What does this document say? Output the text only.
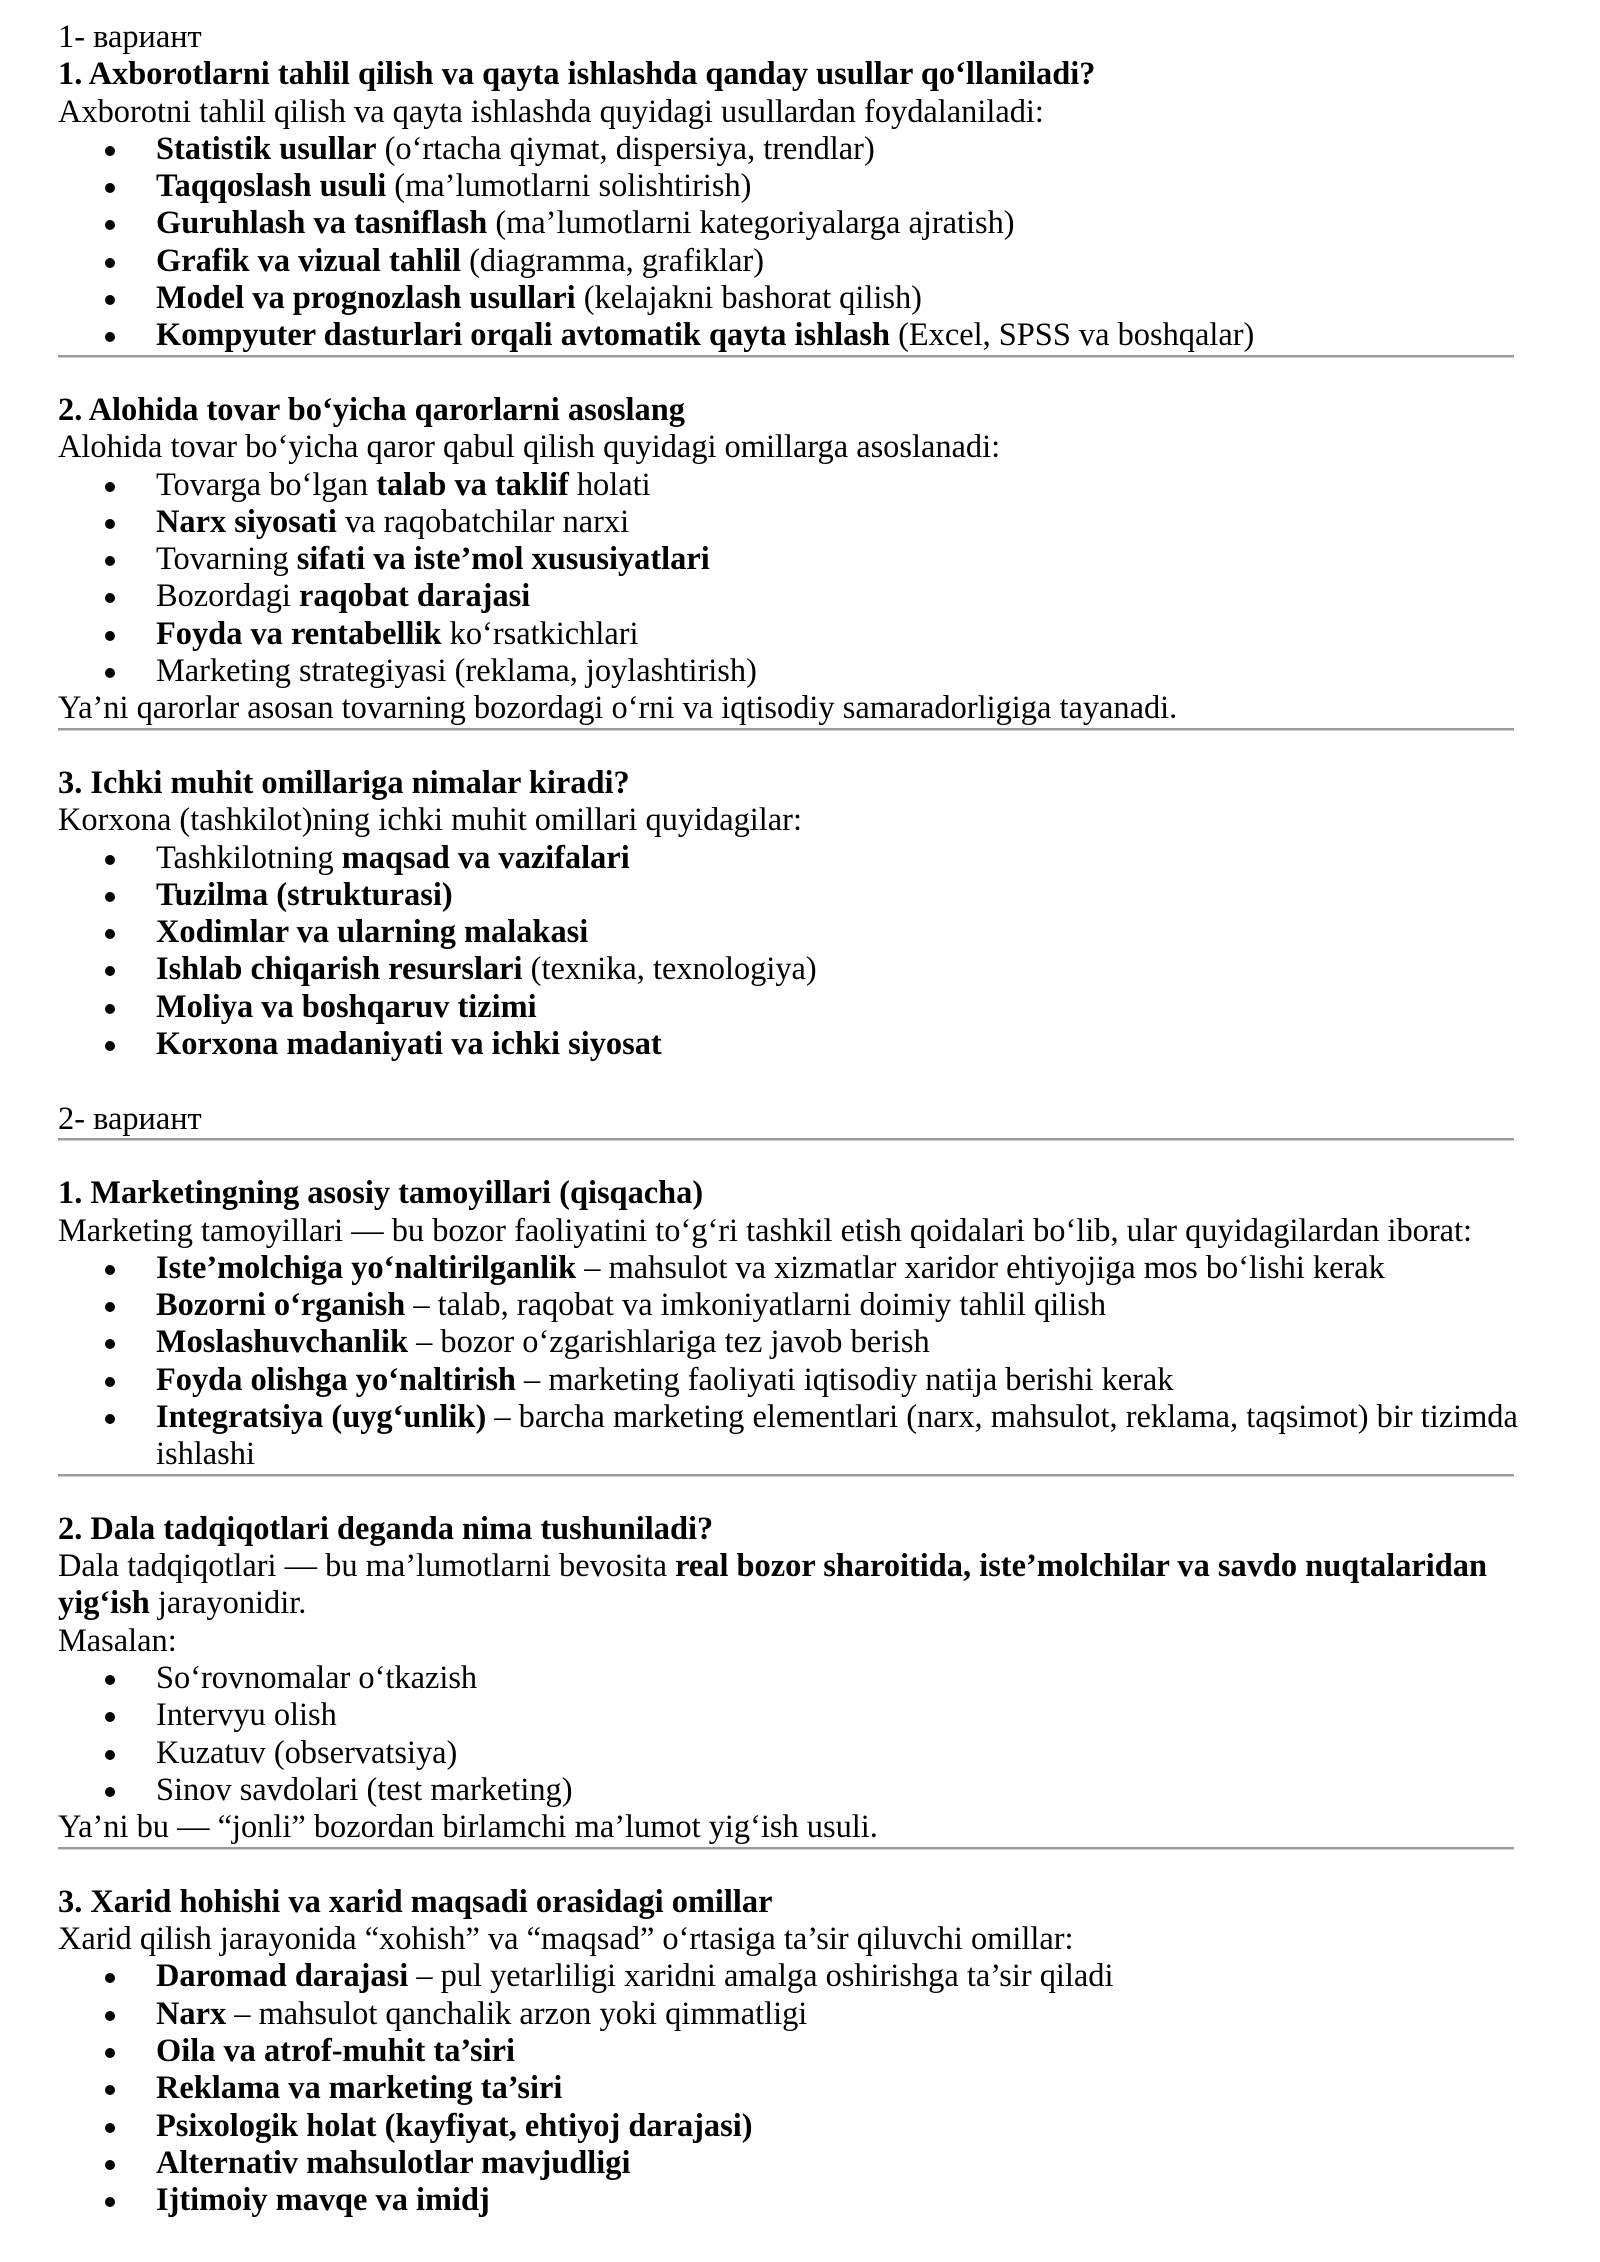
1- вариант
1. Axborotlarni tahlil qilish va qayta ishlashda qanday usullar qo‘llaniladi?
Axborotni tahlil qilish va qayta ishlashda quyidagi usullardan foydalaniladi:
Statistik usullar (o‘rtacha qiymat, dispersiya, trendlar)
Taqqoslash usuli (ma’lumotlarni solishtirish)
Guruhlash va tasniflash (ma’lumotlarni kategoriyalarga ajratish)
Grafik va vizual tahlil (diagramma, grafiklar)
Model va prognozlash usullari (kelajakni bashorat qilish)
Kompyuter dasturlari orqali avtomatik qayta ishlash (Excel, SPSS va boshqalar)
2. Alohida tovar bo‘yicha qarorlarni asoslang
Alohida tovar bo‘yicha qaror qabul qilish quyidagi omillarga asoslanadi:
Tovarga bo‘lgan talab va taklif holati
Narx siyosati va raqobatchilar narxi
Tovarning sifati va iste’mol xususiyatlari
Bozordagi raqobat darajasi
Foyda va rentabellik ko‘rsatkichlari
Marketing strategiyasi (reklama, joylashtirish)
Ya’ni qarorlar asosan tovarning bozordagi o‘rni va iqtisodiy samaradorligiga tayanadi.
3. Ichki muhit omillariga nimalar kiradi?
Korxona (tashkilot)ning ichki muhit omillari quyidagilar:
Tashkilotning maqsad va vazifalari
Tuzilma (strukturasi)
Xodimlar va ularning malakasi
Ishlab chiqarish resurslari (texnika, texnologiya)
Moliya va boshqaruv tizimi
Korxona madaniyati va ichki siyosat
2- вариант
1. Marketingning asosiy tamoyillari (qisqacha)
Marketing tamoyillari — bu bozor faoliyatini to‘g‘ri tashkil etish qoidalari bo‘lib, ular quyidagilardan iborat:
Iste’molchiga yo‘naltirilganlik – mahsulot va xizmatlar xaridor ehtiyojiga mos bo‘lishi kerak
Bozorni o‘rganish – talab, raqobat va imkoniyatlarni doimiy tahlil qilish
Moslashuvchanlik – bozor o‘zgarishlariga tez javob berish
Foyda olishga yo‘naltirish – marketing faoliyati iqtisodiy natija berishi kerak
Integratsiya (uyg‘unlik) – barcha marketing elementlari (narx, mahsulot, reklama, taqsimot) bir tizimda ishlashi
2. Dala tadqiqotlari deganda nima tushuniladi?
Dala tadqiqotlari — bu ma’lumotlarni bevosita real bozor sharoitida, iste’molchilar va savdo nuqtalaridan yig‘ish jarayonidir.
Masalan:
So‘rovnomalar o‘tkazish
Intervyu olish
Kuzatuv (observatsiya)
Sinov savdolari (test marketing)
Ya’ni bu — “jonli” bozordan birlamchi ma’lumot yig‘ish usuli.
3. Xarid hohishi va xarid maqsadi orasidagi omillar
Xarid qilish jarayonida “xohish” va “maqsad” o‘rtasiga ta’sir qiluvchi omillar:
Daromad darajasi – pul yetarliligi xaridni amalga oshirishga ta’sir qiladi
Narx – mahsulot qanchalik arzon yoki qimmatligi
Oila va atrof-muhit ta’siri
Reklama va marketing ta’siri
Psixologik holat (kayfiyat, ehtiyoj darajasi)
Alternativ mahsulotlar mavjudligi
Ijtimoiy mavqe va imidj
